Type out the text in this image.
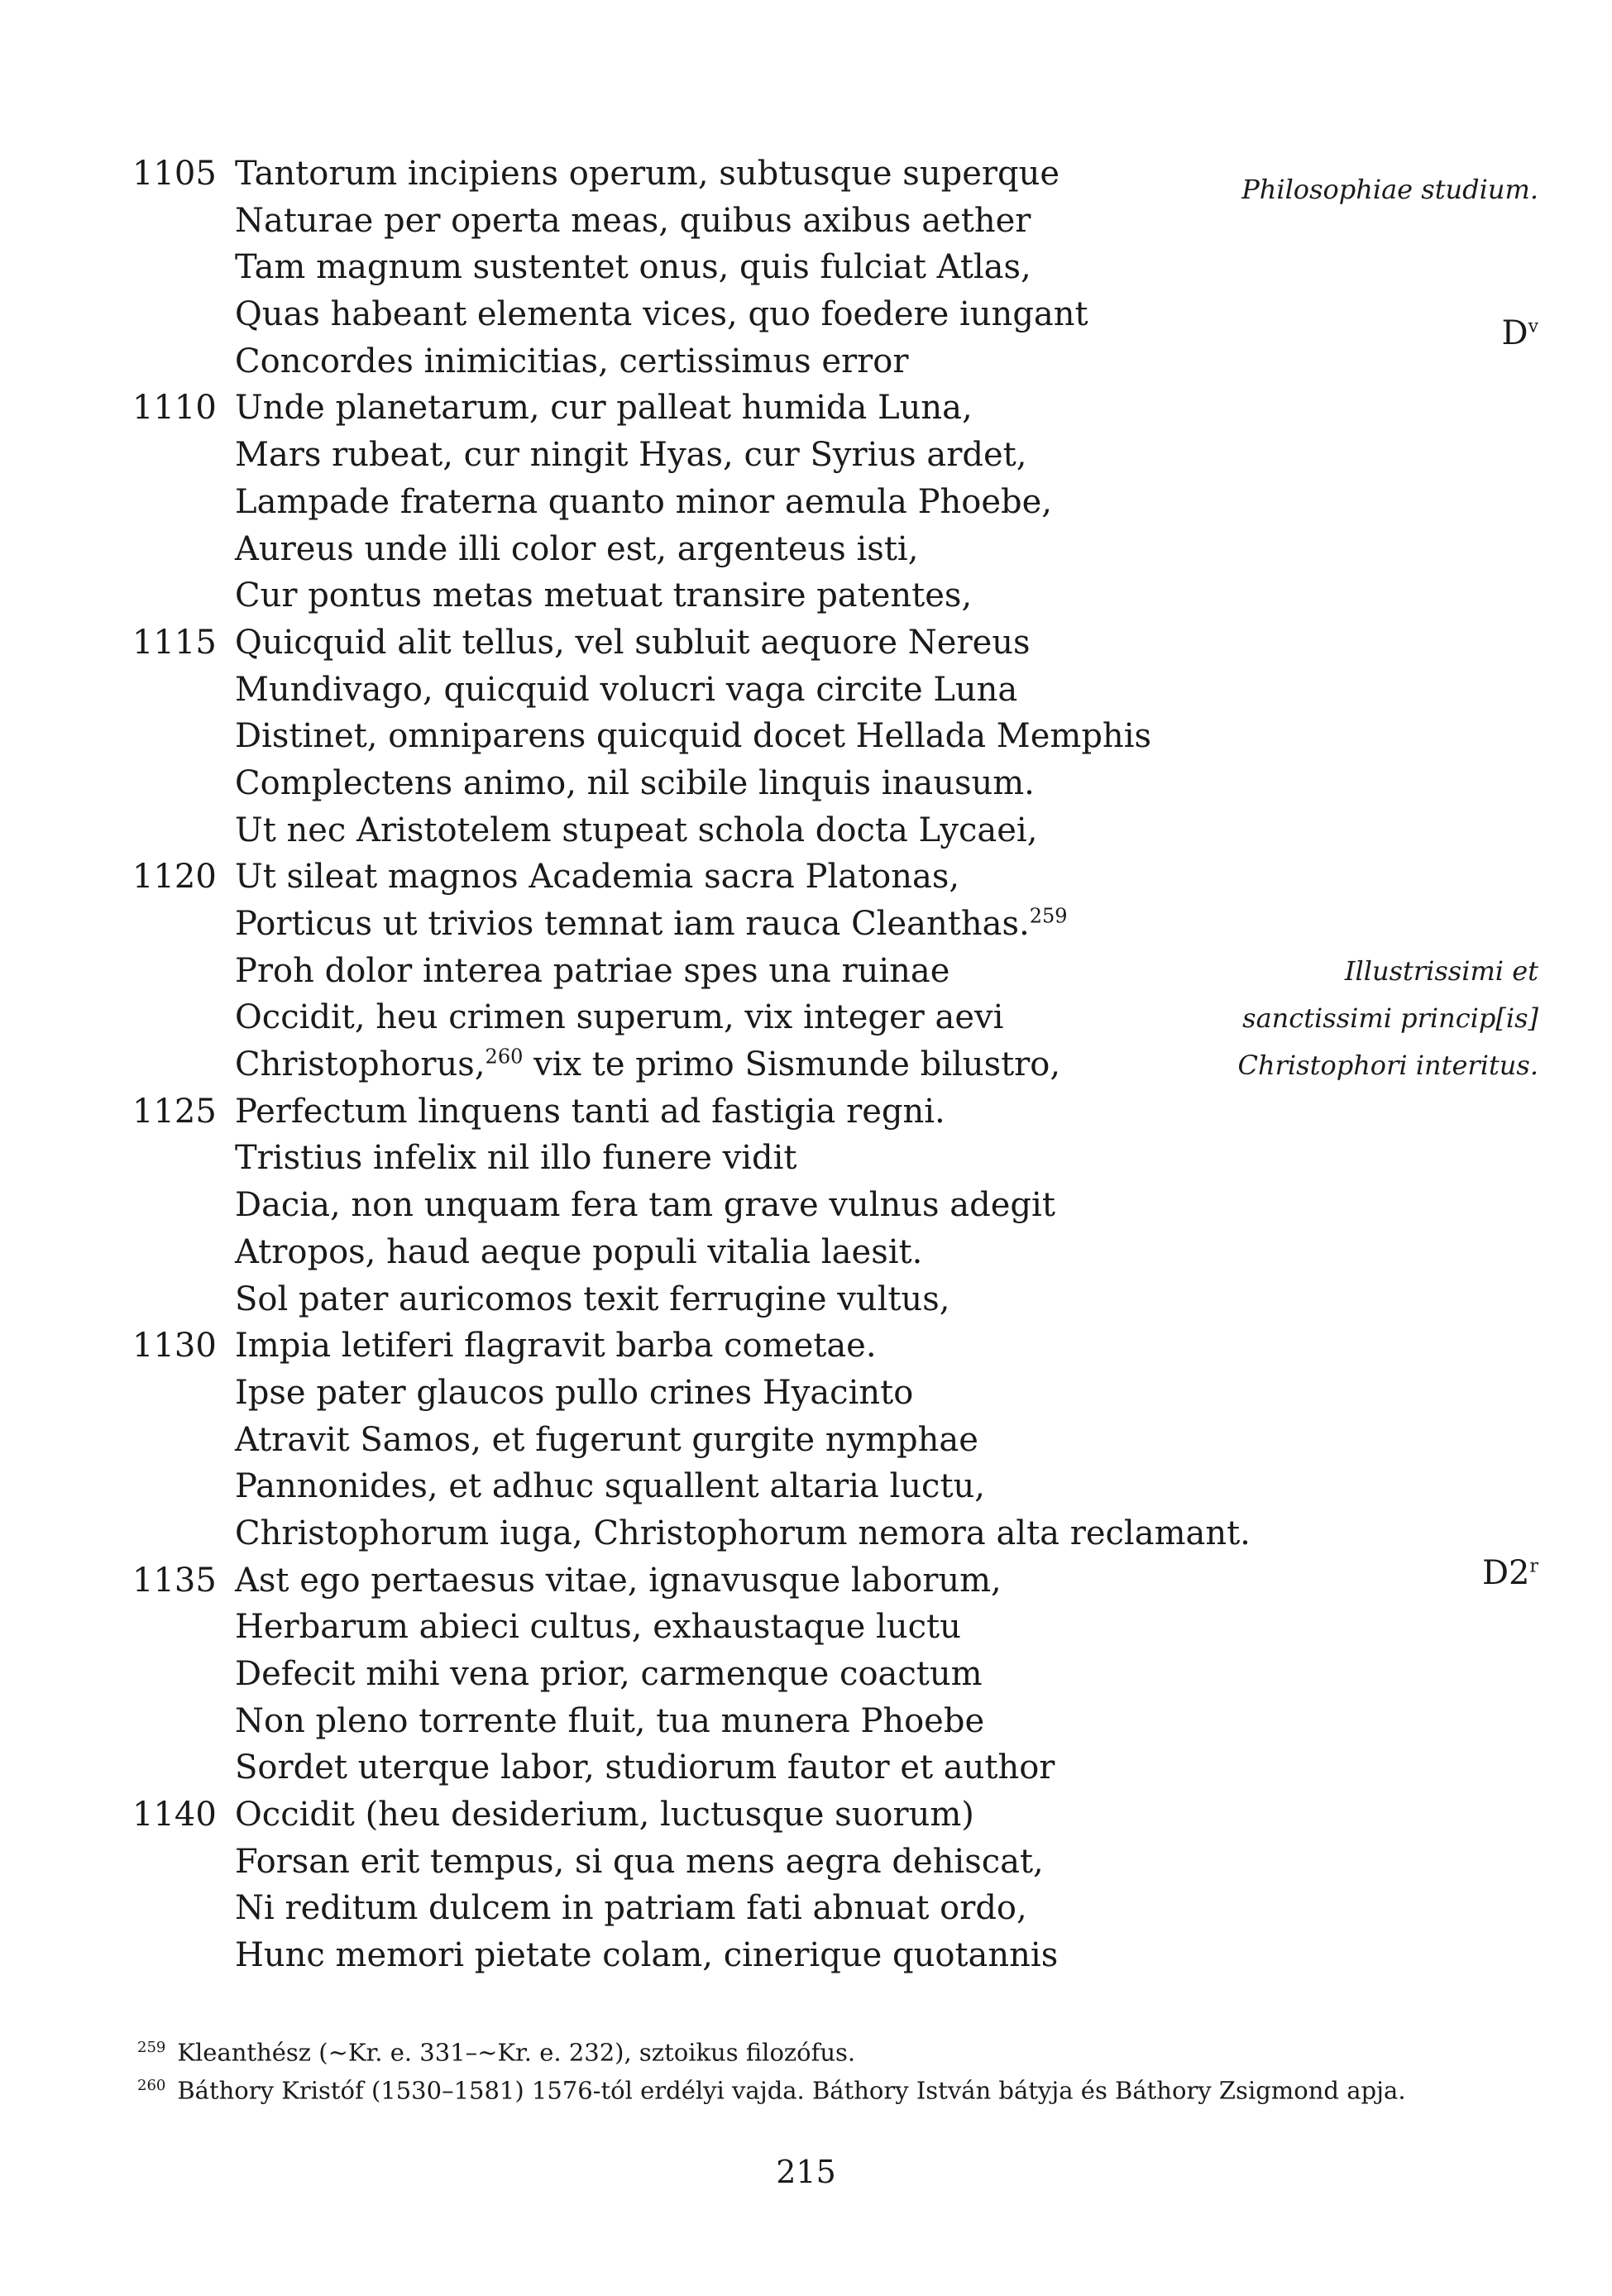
1105 Tantorum incipiens operum, subtusque superque
Naturae per operta meas, quibus axibus aether
Tam magnum sustentet onus, quis fulciat Atlas,
Quas habeant elementa vices, quo foedere iungant
Concordes inimicitias, certissimus error
1110 Unde planetarum, cur palleat humida Luna,
Mars rubeat, cur ningit Hyas, cur Syrius ardet,
Lampade fraterna quanto minor aemula Phoebe,
Aureus unde illi color est, argenteus isti,
Cur pontus metas metuat transire patentes,
1115 Quicquid alit tellus, vel subluit aequore Nereus
Mundivago, quicquid volucri vaga circite Luna
Distinet, omniparens quicquid docet Hellada Memphis
Complectens animo, nil scibile linquis inausum.
Ut nec Aristotelem stupeat schola docta Lycaei,
1120 Ut sileat magnos Academia sacra Platonas,
Porticus ut trivios temnat iam rauca Cleanthas.$^{259}$
Proh dolor interea patriae spes una ruinae
Occidit, heu crimen superum, vix integer aevi
Christophorus,$^{260}$ vix te primo Sismunde bilustro,
1125 Perfectum linquens tanti ad fastigia regni.
Tristius infelix nil illo funere vidit
Dacia, non unquam fera tam grave vulnus adegit
Atropos, haud aeque populi vitalia laesit.
Sol pater auricomos texit ferrugine vultus,
1130 Impia letiferi flagravit barba cometae.
Ipse pater glaucos pullo crines Hyacinto
Atravit Samos, et fugerunt gurgite nymphae
Pannonides, et adhuc squallent altaria luctu,
Christophorum iuga, Christophorum nemora alta reclamant.
1135 Ast ego pertaesus vitae, ignavusque laborum,
Herbarum abieci cultus, exhaustaque luctu
Defecit mihi vena prior, carmenque coactum
Non pleno torrente fluit, tua munera Phoebe
Sordet uterque labor, studiorum fautor et author
1140 Occidit (heu desiderium, luctusque suorum)
Forsan erit tempus, si qua mens aegra dehiscat,
Ni reditum dulcem in patriam fati abnuat ordo,
Hunc memori pietate colam, cinerique quotannis
Philosophiae studium.
$D^v$
Illustrissimi et
sanctissimi princip[is]
Christophori interitus.
D2$^r$
$^{259}$ Kleanthész (~Kr. e. 331–~Kr. e. 232), sztoikus filozófus.
$^{260}$ Báthory Kristóf (1530–1581) 1576-tól erdélyi vajda. Báthory István bátyja és Báthory Zsigmond apja.
215
